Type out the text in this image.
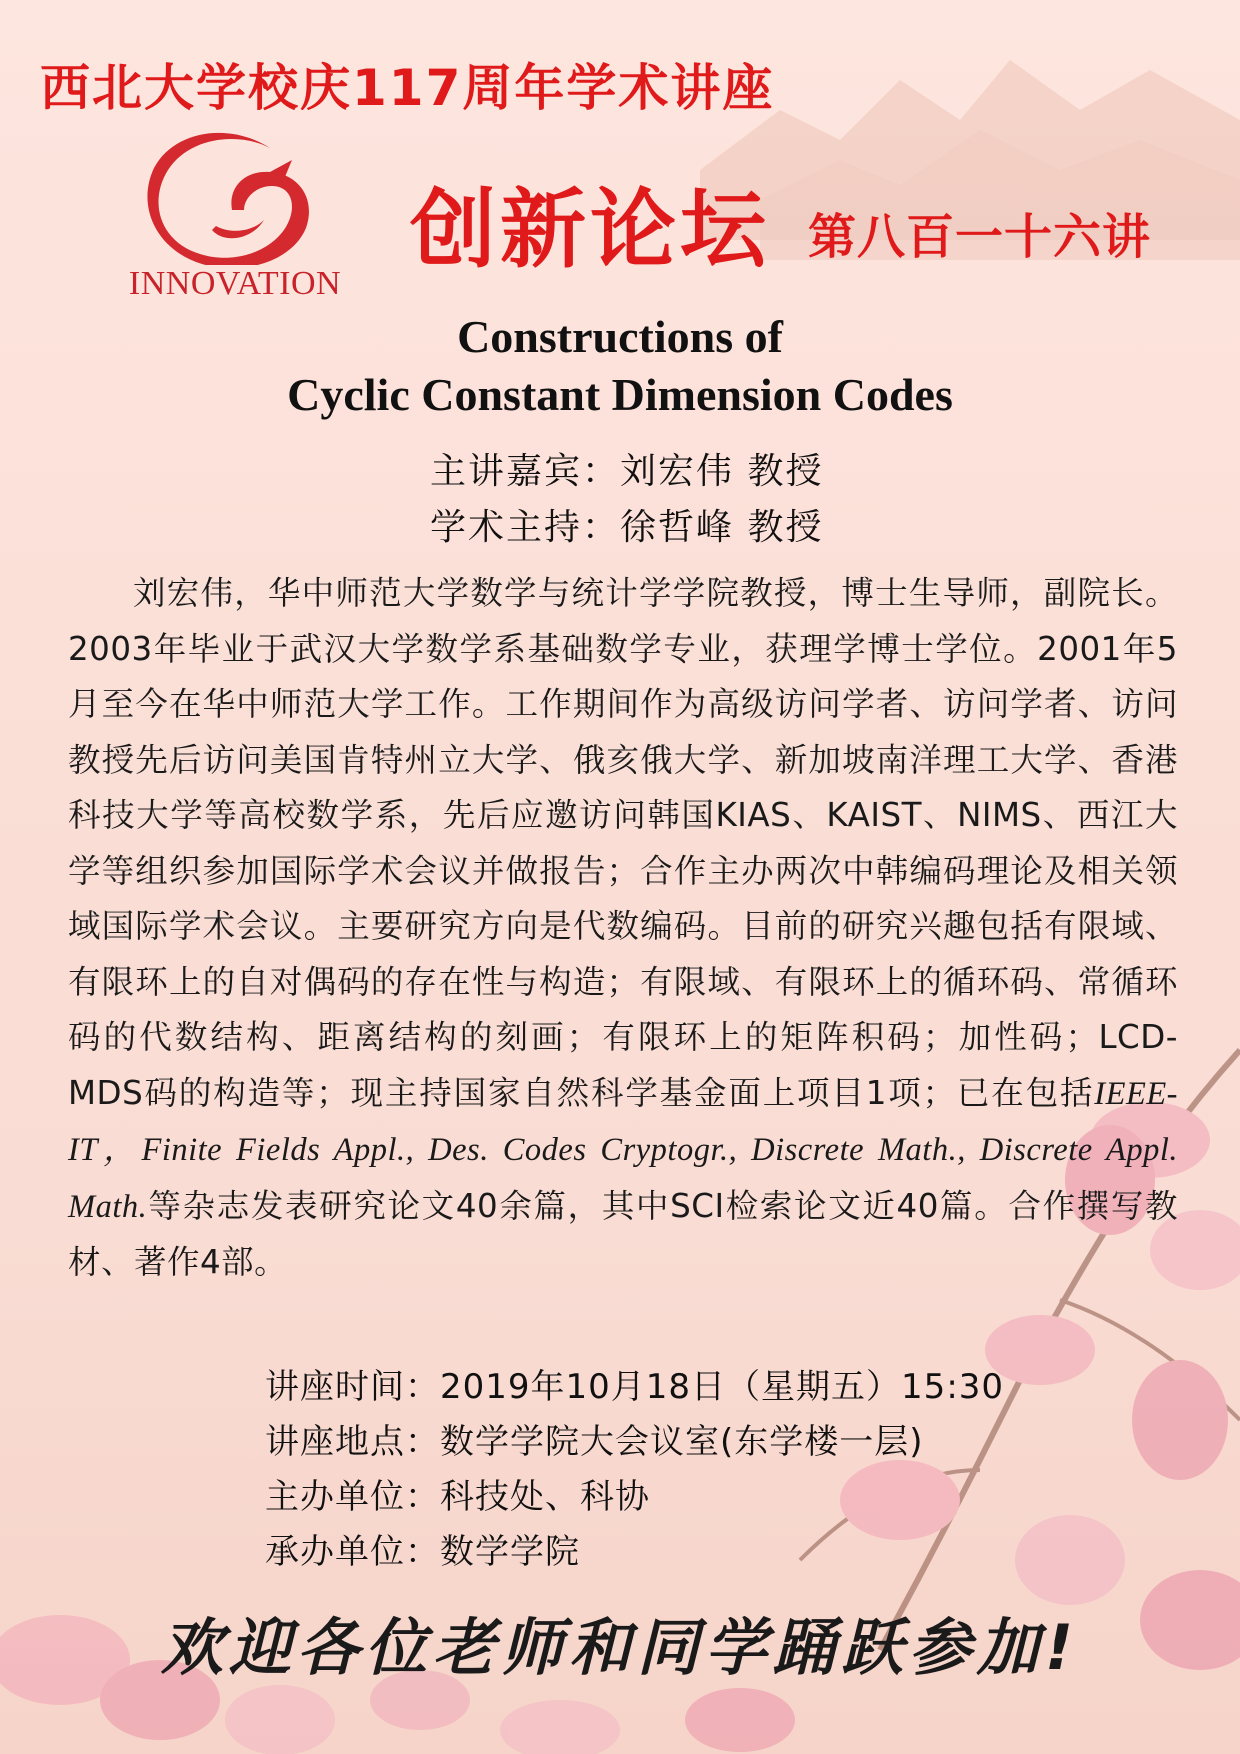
西北大学校庆117周年学术讲座
INNOVATION
创新论坛 第八百一十六讲
Constructions of
Cyclic Constant Dimension Codes
主讲嘉宾：刘宏伟 教授
学术主持：徐哲峰 教授
刘宏伟，华中师范大学数学与统计学学院教授，博士生导师，副院长。2003年毕业于武汉大学数学系基础数学专业，获理学博士学位。2001年5月至今在华中师范大学工作。工作期间作为高级访问学者、访问学者、访问教授先后访问美国肯特州立大学、俄亥俄大学、新加坡南洋理工大学、香港科技大学等高校数学系，先后应邀访问韩国KIAS、KAIST、NIMS、西江大学等组织参加国际学术会议并做报告；合作主办两次中韩编码理论及相关领域国际学术会议。主要研究方向是代数编码。目前的研究兴趣包括有限域、有限环上的自对偶码的存在性与构造；有限域、有限环上的循环码、常循环码的代数结构、距离结构的刻画；有限环上的矩阵积码；加性码；LCD-MDS码的构造等；现主持国家自然科学基金面上项目1项；已在包括IEEE-IT，Finite Fields Appl., Des. Codes Cryptogr., Discrete Math., Discrete Appl. Math.等杂志发表研究论文40余篇，其中SCI检索论文近40篇。合作撰写教材、著作4部。
讲座时间：2019年10月18日（星期五）15:30
讲座地点：数学学院大会议室(东学楼一层)
主办单位：科技处、科协
承办单位：数学学院
欢迎各位老师和同学踊跃参加!
